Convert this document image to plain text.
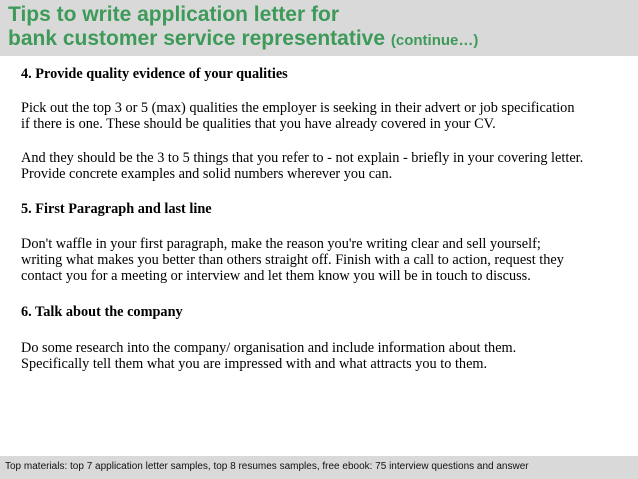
Tips to write application letter for
bank customer service representative (continue…)

4. Provide quality evidence of your qualities

Pick out the top 3 or 5 (max) qualities the employer is seeking in their advert or job specification
if there is one. These should be qualities that you have already covered in your CV.

And they should be the 3 to 5 things that you refer to - not explain - briefly in your covering letter.
Provide concrete examples and solid numbers wherever you can.

5. First Paragraph and last line

Don't waffle in your first paragraph, make the reason you're writing clear and sell yourself;
writing what makes you better than others straight off. Finish with a call to action, request they
contact you for a meeting or interview and let them know you will be in touch to discuss.

6. Talk about the company

Do some research into the company/ organisation and include information about them.
Specifically tell them what you are impressed with and what attracts you to them.

Top materials: top 7 application letter samples, top 8 resumes samples, free ebook: 75 interview questions and answer
